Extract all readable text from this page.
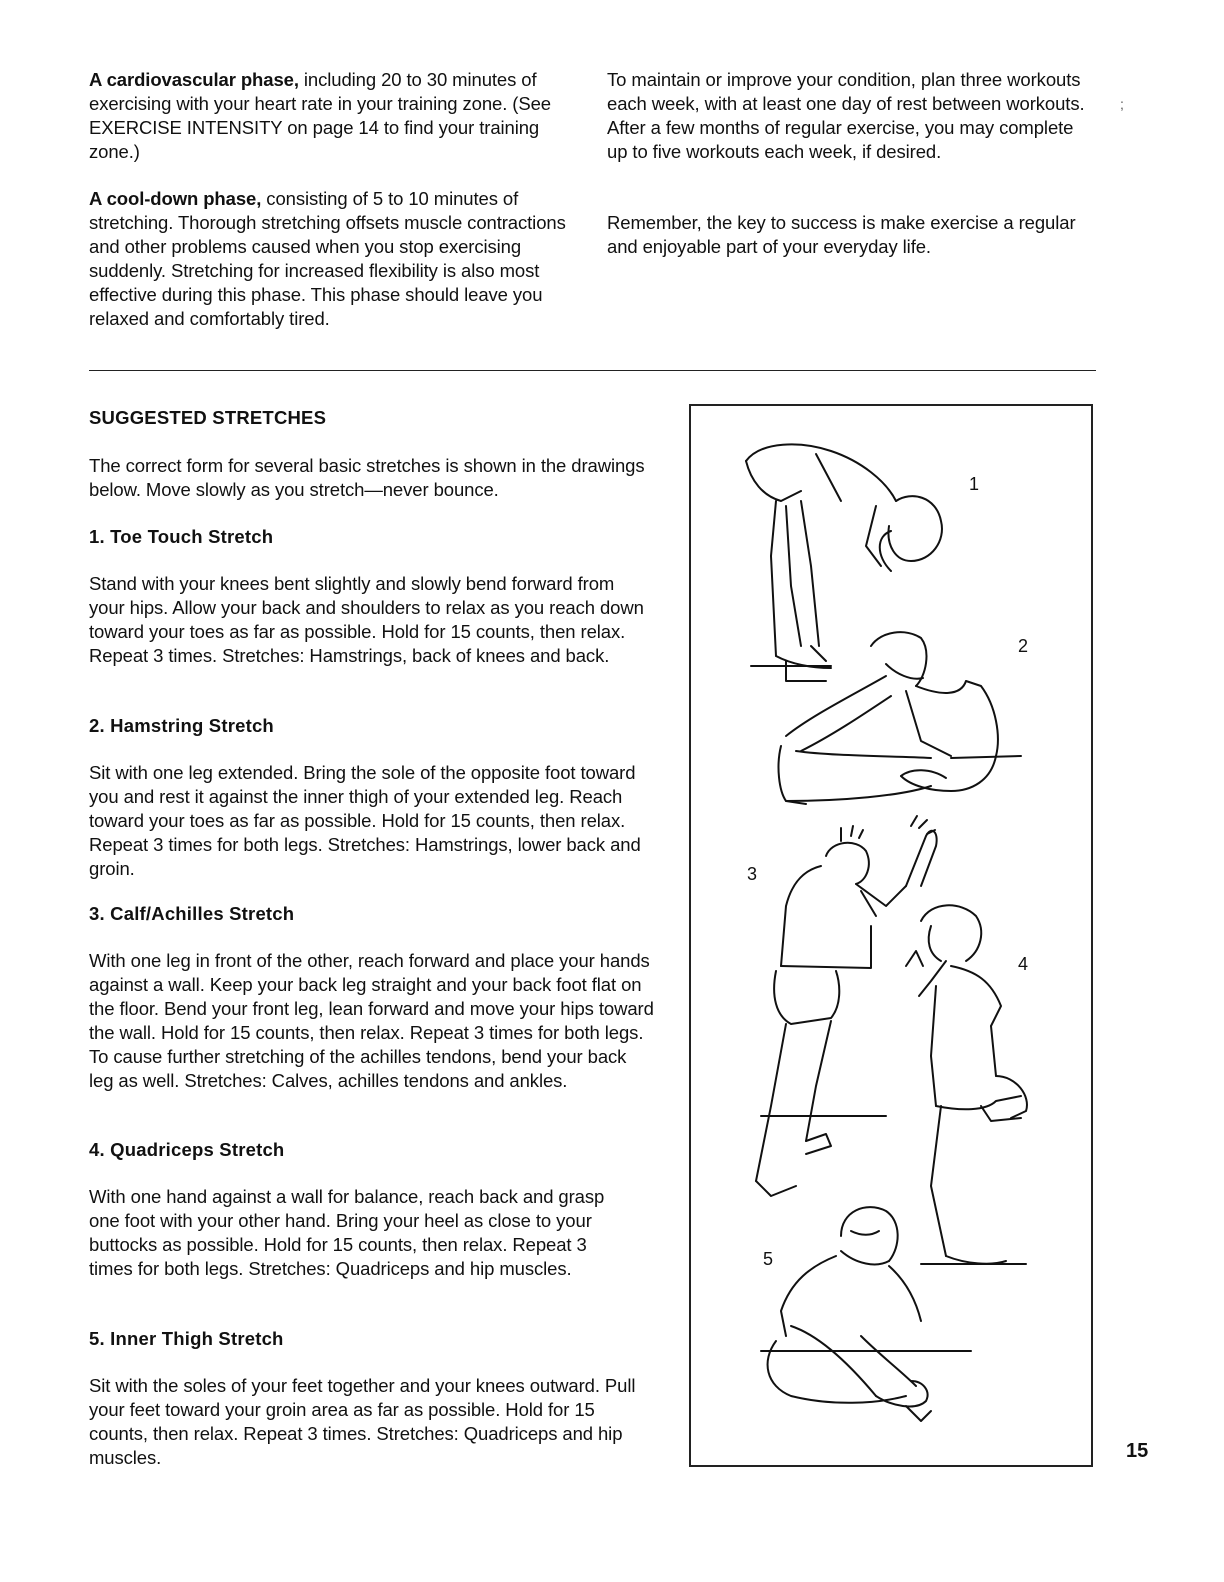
A cardiovascular phase, including 20 to 30 minutes of exercising with your heart rate in your training zone. (See EXERCISE INTENSITY on page 14 to find your training zone.)

A cool-down phase, consisting of 5 to 10 minutes of stretching. Thorough stretching offsets muscle contractions and other problems caused when you stop exercising suddenly. Stretching for increased flexibility is also most effective during this phase. This phase should leave you relaxed and comfortably tired.

To maintain or improve your condition, plan three workouts each week, with at least one day of rest between workouts. After a few months of regular exercise, you may complete up to five workouts each week, if desired.

Remember, the key to success is make exercise a regular and enjoyable part of your everyday life.

;
SUGGESTED STRETCHES

The correct form for several basic stretches is shown in the drawings below. Move slowly as you stretch—never bounce.

1. Toe Touch Stretch

Stand with your knees bent slightly and slowly bend forward from your hips. Allow your back and shoulders to relax as you reach down toward your toes as far as possible. Hold for 15 counts, then relax. Repeat 3 times. Stretches: Hamstrings, back of knees and back.

2. Hamstring Stretch

Sit with one leg extended. Bring the sole of the opposite foot toward you and rest it against the inner thigh of your extended leg. Reach toward your toes as far as possible. Hold for 15 counts, then relax. Repeat 3 times for both legs. Stretches: Hamstrings, lower back and groin.

3. Calf/Achilles Stretch

With one leg in front of the other, reach forward and place your hands against a wall. Keep your back leg straight and your back foot flat on the floor. Bend your front leg, lean forward and move your hips toward the wall. Hold for 15 counts, then relax. Repeat 3 times for both legs. To cause further stretching of the achilles tendons, bend your back leg as well. Stretches: Calves, achilles tendons and ankles.

4. Quadriceps Stretch

With one hand against a wall for balance, reach back and grasp one foot with your other hand. Bring your heel as close to your buttocks as possible. Hold for 15 counts, then relax. Repeat 3 times for both legs. Stretches: Quadriceps and hip muscles.

5. Inner Thigh Stretch

Sit with the soles of your feet together and your knees outward. Pull your feet toward your groin area as far as possible. Hold for 15 counts, then relax. Repeat 3 times. Stretches: Quadriceps and hip muscles.

1
2
3
4
5
15
